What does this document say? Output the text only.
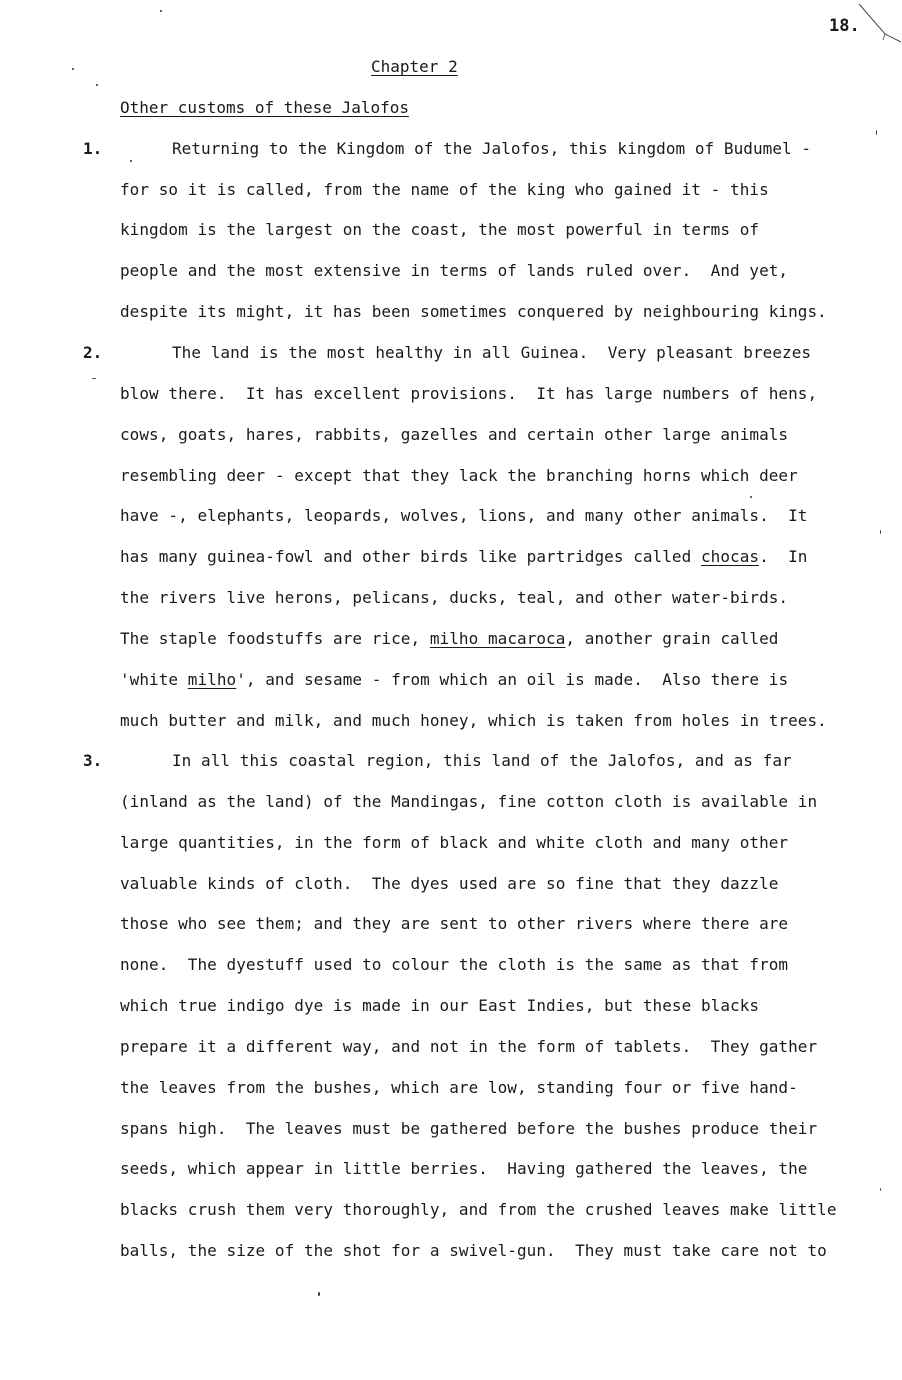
18.
Chapter 2
Other customs of these Jalofos
1.
2.
3.
Returning to the Kingdom of the Jalofos, this kingdom of Budumel -
for so it is called, from the name of the king who gained it - this
kingdom is the largest on the coast, the most powerful in terms of
people and the most extensive in terms of lands ruled over.  And yet,
despite its might, it has been sometimes conquered by neighbouring kings.
The land is the most healthy in all Guinea.  Very pleasant breezes
blow there.  It has excellent provisions.  It has large numbers of hens,
cows, goats, hares, rabbits, gazelles and certain other large animals
resembling deer - except that they lack the branching horns which deer
have -, elephants, leopards, wolves, lions, and many other animals.  It
has many guinea-fowl and other birds like partridges called chocas.  In
the rivers live herons, pelicans, ducks, teal, and other water-birds.
The staple foodstuffs are rice, milho macaroca, another grain called
'white milho', and sesame - from which an oil is made.  Also there is
much butter and milk, and much honey, which is taken from holes in trees.
In all this coastal region, this land of the Jalofos, and as far
(inland as the land) of the Mandingas, fine cotton cloth is available in
large quantities, in the form of black and white cloth and many other
valuable kinds of cloth.  The dyes used are so fine that they dazzle
those who see them; and they are sent to other rivers where there are
none.  The dyestuff used to colour the cloth is the same as that from
which true indigo dye is made in our East Indies, but these blacks
prepare it a different way, and not in the form of tablets.  They gather
the leaves from the bushes, which are low, standing four or five hand-
spans high.  The leaves must be gathered before the bushes produce their
seeds, which appear in little berries.  Having gathered the leaves, the
blacks crush them very thoroughly, and from the crushed leaves make little
balls, the size of the shot for a swivel-gun.  They must take care not to
